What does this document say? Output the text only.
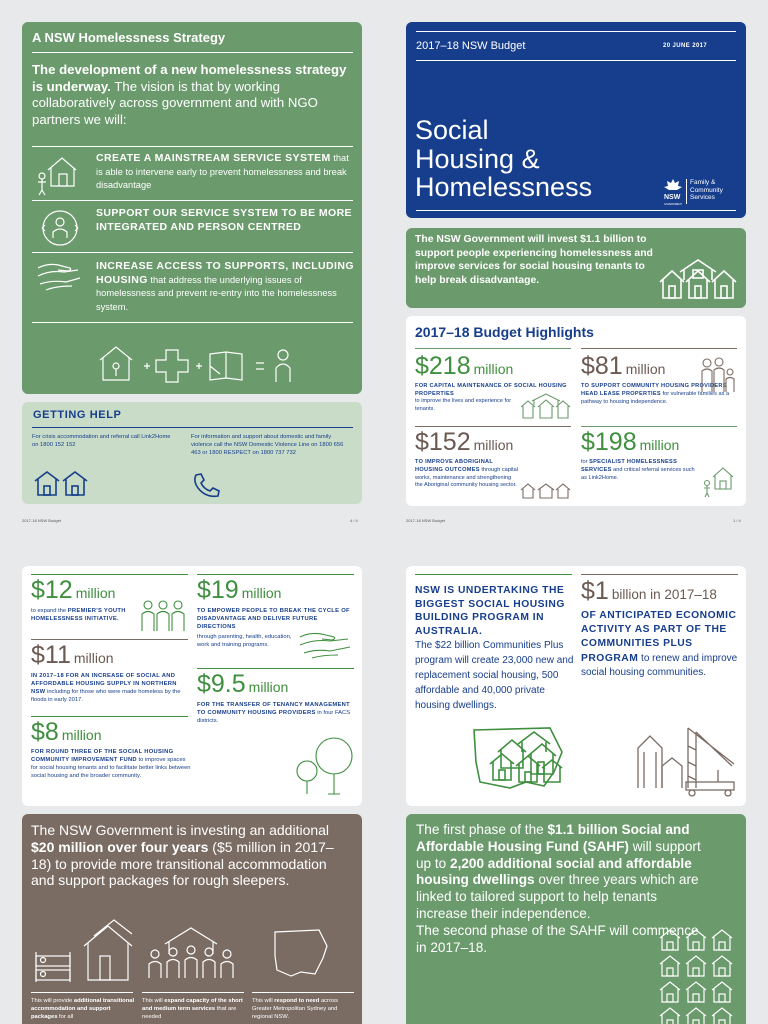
A NSW Homelessness Strategy

The development of a new homelessness strategy is underway. The vision is that by working collaboratively across government and with NGO partners we will:

CREATE A MAINSTREAM SERVICE SYSTEM that is able to intervene early to prevent homelessness and break disadvantage

SUPPORT OUR SERVICE SYSTEM TO BE MORE INTEGRATED AND PERSON CENTRED

INCREASE ACCESS TO SUPPORTS, INCLUDING HOUSING that address the underlying issues of homelessness and prevent re-entry into the homelessness system.

GETTING HELP

For crisis accommodation and referral call Link2Home on 1800 152 152

For information and support about domestic and family violence call the NSW Domestic Violence Line on 1800 656 463 or 1800 RESPECT on 1800 737 732

2017-18 NSW Budget	4 / 4

2017–18 NSW Budget	20 JUNE 2017

Social
Housing &
Homelessness	NSW

GOVERNMENT

Family &
Community
Services

The NSW Government will invest $1.1 billion to support people experiencing homelessness and improve services for social housing tenants to help break disadvantage.

2017–18 Budget Highlights

$218 million

FOR CAPITAL MAINTENANCE OF SOCIAL HOUSING PROPERTIES

to improve the lives and experience for tenants.

$81 million

TO SUPPORT COMMUNITY HOUSING PROVIDERS HEAD LEASE PROPERTIES for vulnerable families as a pathway to housing independence.

$152 million

TO IMPROVE ABORIGINAL HOUSING OUTCOMES through capital works, maintenance and strengthening the Aboriginal community housing sector.

$198 million

for SPECIALIST HOMELESSNESS SERVICES and critical referral services such as Link2Home.

2017-18 NSW Budget	1 / 4

$12 million

to expand the PREMIER'S YOUTH HOMELESSNESS INITIATIVE.

$11 million

IN 2017–18 FOR AN INCREASE OF SOCIAL AND AFFORDABLE HOUSING SUPPLY IN NORTHERN NSW including for those who were made homeless by the floods in early 2017.

$8 million

FOR ROUND THREE OF THE SOCIAL HOUSING COMMUNITY IMPROVEMENT FUND to improve spaces for social housing tenants and to facilitate better links between social housing and the broader community.

$19 million

TO EMPOWER PEOPLE TO BREAK THE CYCLE OF DISADVANTAGE AND DELIVER FUTURE DIRECTIONS

through parenting, health, education, work and training programs.

$9.5 million

FOR THE TRANSFER OF TENANCY MANAGEMENT TO COMMUNITY HOUSING PROVIDERS in four FACS districts.

NSW IS UNDERTAKING THE BIGGEST SOCIAL HOUSING BUILDING PROGRAM IN AUSTRALIA.

The $22 billion Communities Plus program will create 23,000 new and replacement social housing, 500 affordable and 40,000 private housing dwellings.

$1 billion in 2017–18

OF ANTICIPATED ECONOMIC ACTIVITY AS PART OF THE COMMUNITIES PLUS PROGRAM to renew and improve social housing communities.

The NSW Government is investing an additional $20 million over four years ($5 million in 2017–18) to provide more transitional accommodation and support packages for rough sleepers.

This will provide additional transitional accommodation and support packages for all

This will expand capacity of the short and medium term services that are needed

This will respond to need across Greater Metropolitan Sydney and regional NSW.

The first phase of the $1.1 billion Social and Affordable Housing Fund (SAHF) will support up to 2,200 additional social and affordable housing dwellings over three years which are linked to tailored support to help tenants increase their independence.
The second phase of the SAHF will commence in 2017–18.
